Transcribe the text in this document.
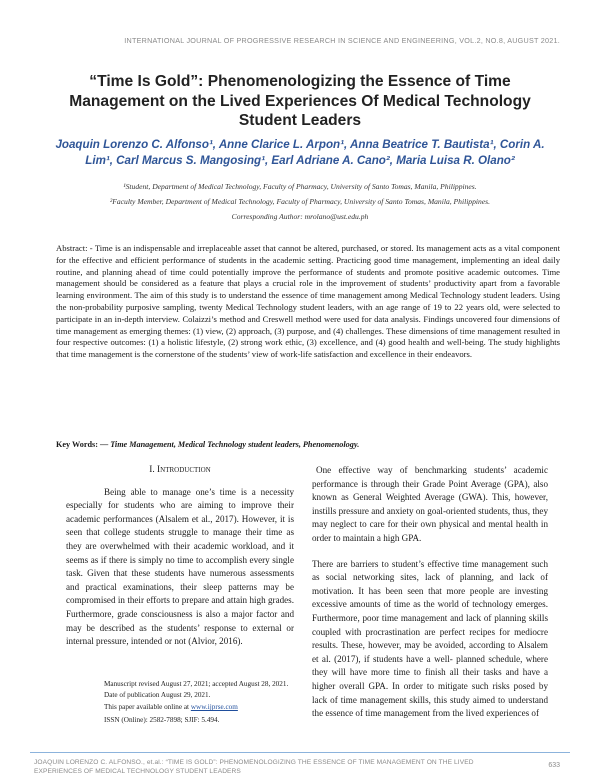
INTERNATIONAL JOURNAL OF PROGRESSIVE RESEARCH IN SCIENCE AND ENGINEERING, VOL.2, NO.8, AUGUST 2021.
“Time Is Gold”: Phenomenologizing the Essence of Time Management on the Lived Experiences Of Medical Technology Student Leaders
Joaquin Lorenzo C. Alfonso¹, Anne Clarice L. Arpon¹, Anna Beatrice T. Bautista¹, Corin A. Lim¹, Carl Marcus S. Mangosing¹, Earl Adriane A. Cano², Maria Luisa R. Olano²
¹Student, Department of Medical Technology, Faculty of Pharmacy, University of Santo Tomas, Manila, Philippines.
²Faculty Member, Department of Medical Technology, Faculty of Pharmacy, University of Santo Tomas, Manila, Philippines.
Corresponding Author: mrolano@ust.edu.ph
Abstract: - Time is an indispensable and irreplaceable asset that cannot be altered, purchased, or stored. Its management acts as a vital component for the effective and efficient performance of students in the academic setting. Practicing good time management, implementing an ideal daily routine, and planning ahead of time could potentially improve the performance of students and promote positive academic outcomes. Time management should be considered as a feature that plays a crucial role in the improvement of students’ productivity apart from a favorable learning environment. The aim of this study is to understand the essence of time management among Medical Technology student leaders. Using the non-probability purposive sampling, twenty Medical Technology student leaders, with an age range of 19 to 22 years old, were selected to participate in an in-depth interview. Colaizzi’s method and Creswell method were used for data analysis. Findings uncovered four dimensions of time management as emerging themes: (1) view, (2) approach, (3) purpose, and (4) challenges. These dimensions of time management resulted in four respective outcomes: (1) a holistic lifestyle, (2) strong work ethic, (3) excellence, and (4) good health and well-being. The study highlights that time management is the cornerstone of the students’ view of work-life satisfaction and excellence in their endeavors.
Key Words: — Time Management, Medical Technology student leaders, Phenomenology.
I. Introduction

Being able to manage one’s time is a necessity especially for students who are aiming to improve their academic performances (Alsalem et al., 2017). However, it is seen that college students struggle to manage their time as they are overwhelmed with their academic workload, and it seems as if there is simply no time to accomplish every single task. Given that these students have numerous assessments and practical examinations, their sleep patterns may be compromised in their efforts to prepare and attain high grades. Furthermore, grade consciousness is also a major factor and may be described as the students’ response to external or internal pressure, intended or not (Alvior, 2016).

Manuscript revised August 27, 2021; accepted August 28, 2021. Date of publication August 29, 2021.
This paper available online at www.ijprse.com
ISSN (Online): 2582-7898; SJIF: 5.494.

One effective way of benchmarking students’ academic performance is through their Grade Point Average (GPA), also known as General Weighted Average (GWA). This, however, instills pressure and anxiety on goal-oriented students, thus, they may neglect to care for their own physical and mental health in order to maintain a high GPA.

There are barriers to student’s effective time management such as social networking sites, lack of planning, and lack of motivation. It has been seen that more people are investing excessive amounts of time as the world of technology emerges. Furthermore, poor time management and lack of planning skills coupled with procrastination are perfect recipes for mediocre results. These, however, may be avoided, according to Alsalem et al. (2017), if students have a well- planned schedule, where they will have more time to finish all their tasks and have a higher overall GPA. In order to mitigate such risks posed by lack of time management skills, this study aimed to understand the essence of time management from the lived experiences of

JOAQUIN LORENZO C. ALFONSO., et.al.: “TIME IS GOLD”: PHENOMENOLOGIZING THE ESSENCE OF TIME MANAGEMENT ON THE LIVED EXPERIENCES OF MEDICAL TECHNOLOGY STUDENT LEADERS
633
